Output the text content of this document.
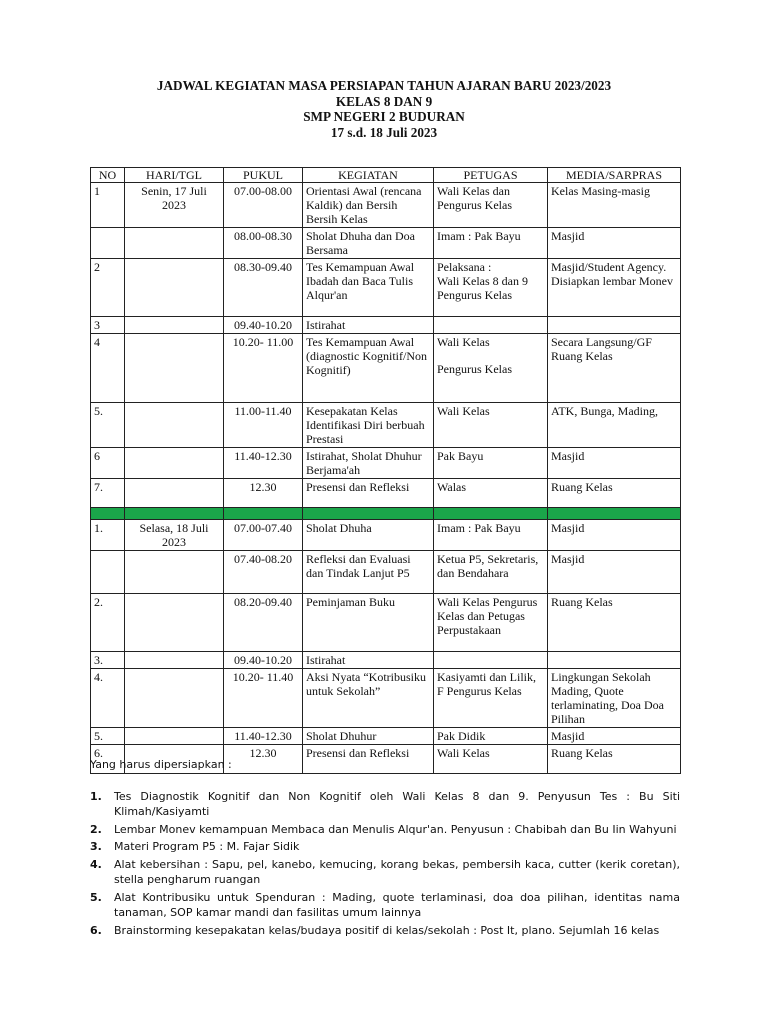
JADWAL KEGIATAN MASA PERSIAPAN TAHUN AJARAN BARU 2023/2023
KELAS 8 DAN 9
SMP NEGERI 2 BUDURAN
17 s.d. 18 Juli 2023
NO	HARI/TGL	PUKUL	KEGIATAN	PETUGAS	MEDIA/SARPRAS
1	Senin, 17 Juli 2023	07.00-08.00	Orientasi Awal (rencana Kaldik) dan Bersih Bersih Kelas	Wali Kelas dan Pengurus Kelas	Kelas Masing-masig
		08.00-08.30	Sholat Dhuha dan Doa Bersama	Imam : Pak Bayu	Masjid
2		08.30-09.40	Tes Kemampuan Awal Ibadah dan Baca Tulis Alqur'an	Pelaksana :
Wali Kelas 8 dan 9
Pengurus Kelas	Masjid/Student Agency. Disiapkan lembar Monev
3		09.40-10.20	Istirahat		
4		10.20- 11.00	Tes Kemampuan Awal (diagnostic Kognitif/Non Kognitif)	Wali Kelas
Pengurus Kelas	Secara Langsung/GF Ruang Kelas
5.		11.00-11.40	Kesepakatan Kelas Identifikasi Diri berbuah Prestasi	Wali Kelas	ATK, Bunga, Mading,
6		11.40-12.30	Istirahat, Sholat Dhuhur Berjama'ah	Pak Bayu	Masjid
7.		12.30	Presensi dan Refleksi	Walas	Ruang Kelas

1.	Selasa, 18 Juli 2023	07.00-07.40	Sholat Dhuha	Imam : Pak Bayu	Masjid
		07.40-08.20	Refleksi dan Evaluasi dan Tindak Lanjut P5	Ketua P5, Sekretaris, dan Bendahara	Masjid
2.		08.20-09.40	Peminjaman Buku	Wali Kelas Pengurus Kelas dan Petugas Perpustakaan	Ruang Kelas
3.		09.40-10.20	Istirahat		
4.		10.20- 11.40	Aksi Nyata “Kotribusiku untuk Sekolah”	Kasiyamti dan Lilik, F Pengurus Kelas	Lingkungan Sekolah Mading, Quote terlaminating, Doa Doa Pilihan
5.		11.40-12.30	Sholat Dhuhur	Pak Didik	Masjid
6.		12.30	Presensi dan Refleksi	Wali Kelas	Ruang Kelas
Yang harus dipersiapkan :
1.	Tes Diagnostik Kognitif dan Non Kognitif oleh Wali Kelas 8 dan 9. Penyusun Tes : Bu Siti Klimah/Kasiyamti
2.	Lembar Monev kemampuan Membaca dan Menulis Alqur'an. Penyusun : Chabibah dan Bu Iin Wahyuni
3.	Materi Program P5 : M. Fajar Sidik
4.	Alat kebersihan : Sapu, pel, kanebo, kemucing, korang bekas, pembersih kaca, cutter (kerik coretan), stella pengharum ruangan
5.	Alat Kontribusiku untuk Spenduran : Mading, quote terlaminasi, doa doa pilihan, identitas nama tanaman, SOP kamar mandi dan fasilitas umum lainnya
6.	Brainstorming kesepakatan kelas/budaya positif di kelas/sekolah : Post It, plano. Sejumlah 16 kelas
